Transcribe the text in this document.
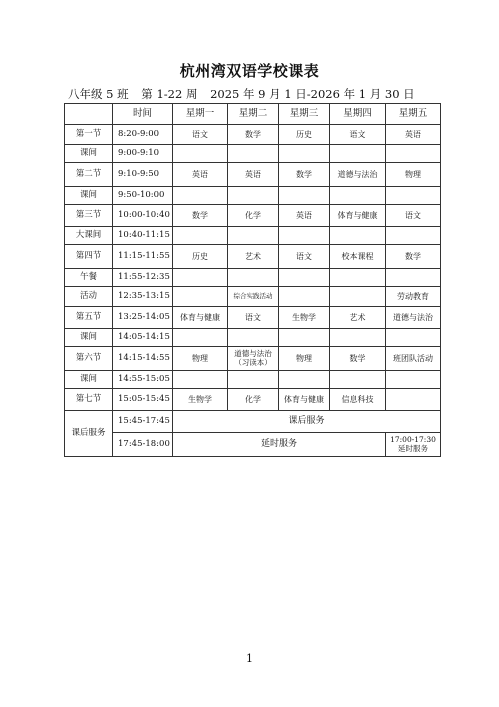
杭州湾双语学校课表
八年级 5 班 第 1-22 周 2025 年 9 月 1 日-2026 年 1 月 30 日
	时间	星期一	星期二	星期三	星期四	星期五
第一节	8:20-9:00	语文	数学	历史	语文	英语
课间	9:00-9:10					
第二节	9:10-9:50	英语	英语	数学	道德与法治	物理
课间	9:50-10:00					
第三节	10:00-10:40	数学	化学	英语	体育与健康	语文
大课间	10:40-11:15					
第四节	11:15-11:55	历史	艺术	语文	校本课程	数学
午餐	11:55-12:35					
活动	12:35-13:15		综合实践活动			劳动教育
第五节	13:25-14:05	体育与健康	语文	生物学	艺术	道德与法治
课间	14:05-14:15					
第六节	14:15-14:55	物理	道德与法治
（习读本）	物理	数学	班团队活动
课间	14:55-15:05					
第七节	15:05-15:45	生物学	化学	体育与健康	信息科技	
课后服务	15:45-17:45	课后服务				
	17:45-18:00	延时服务				17:00-17:30
延时服务
1
